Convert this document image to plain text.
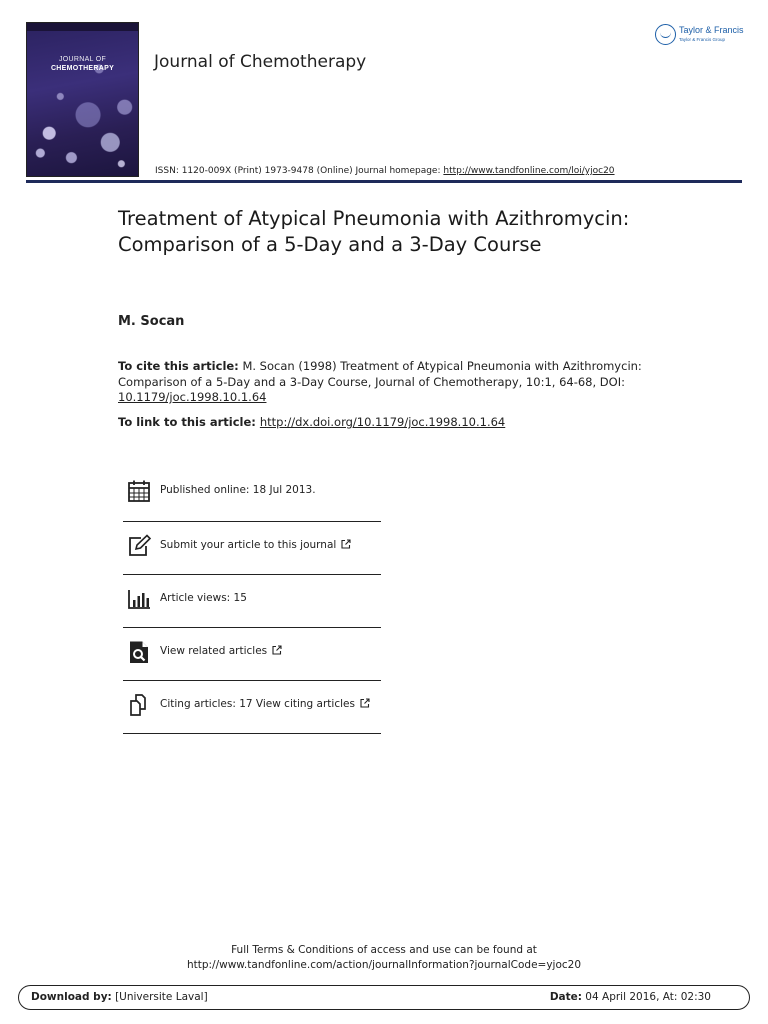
JOURNAL OF
CHEMOTHERAPY	Journal of Chemotherapy
Taylor & Francis
Taylor & Francis Group
ISSN: 1120-009X (Print) 1973-9478 (Online) Journal homepage: http://www.tandfonline.com/loi/yjoc20
Treatment of Atypical Pneumonia with Azithromycin: Comparison of a 5-Day and a 3-Day Course
M. Socan
To cite this article: M. Socan (1998) Treatment of Atypical Pneumonia with Azithromycin: Comparison of a 5-Day and a 3-Day Course, Journal of Chemotherapy, 10:1, 64-68, DOI: 10.1179/joc.1998.10.1.64
To link to this article: http://dx.doi.org/10.1179/joc.1998.10.1.64
Published online: 18 Jul 2013.
Submit your article to this journal
Article views: 15
View related articles
Citing articles: 17 View citing articles
Full Terms & Conditions of access and use can be found at
http://www.tandfonline.com/action/journalInformation?journalCode=yjoc20
Download by: [Universite Laval]	Date: 04 April 2016, At: 02:30
